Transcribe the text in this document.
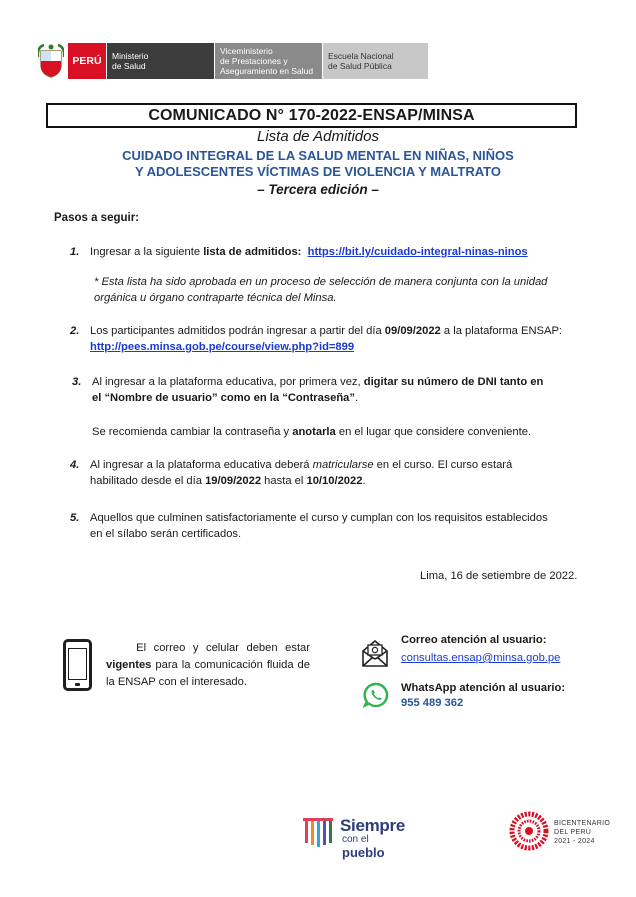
PERÚ	Ministerio
de Salud
Viceministerio
de Prestaciones y
Aseguramiento en Salud
Escuela Nacional
de Salud Pública
COMUNICADO N° 170-2022-ENSAP/MINSA
Lista de Admitidos
CUIDADO INTEGRAL DE LA SALUD MENTAL EN NIÑAS, NIÑOS
Y ADOLESCENTES VÍCTIMAS DE VIOLENCIA Y MALTRATO
– Tercera edición –
Pasos a seguir:
1. Ingresar a la siguiente lista de admitidos: https://bit.ly/cuidado-integral-ninas-ninos
* Esta lista ha sido aprobada en un proceso de selección de manera conjunta con la unidad orgánica u órgano contraparte técnica del Minsa.
2. Los participantes admitidos podrán ingresar a partir del día 09/09/2022 a la plataforma ENSAP:
http://pees.minsa.gob.pe/course/view.php?id=899
3. Al ingresar a la plataforma educativa, por primera vez, digitar su número de DNI tanto en
el “Nombre de usuario” como en la “Contraseña”.
Se recomienda cambiar la contraseña y anotarla en el lugar que considere conveniente.
4. Al ingresar a la plataforma educativa deberá matricularse en el curso. El curso estará
habilitado desde el día 19/09/2022 hasta el 10/10/2022.
5. Aquellos que culminen satisfactoriamente el curso y cumplan con los requisitos establecidos
en el sílabo serán certificados.
Lima, 16 de setiembre de 2022.
El correo y celular deben estar vigentes para la comunicación fluida de la ENSAP con el interesado.
Correo atención al usuario:
consultas.ensap@minsa.gob.pe
WhatsApp atención al usuario:
955 489 362
Siempre
con el pueblo
BICENTENARIO
DEL PERÚ
2021 - 2024
